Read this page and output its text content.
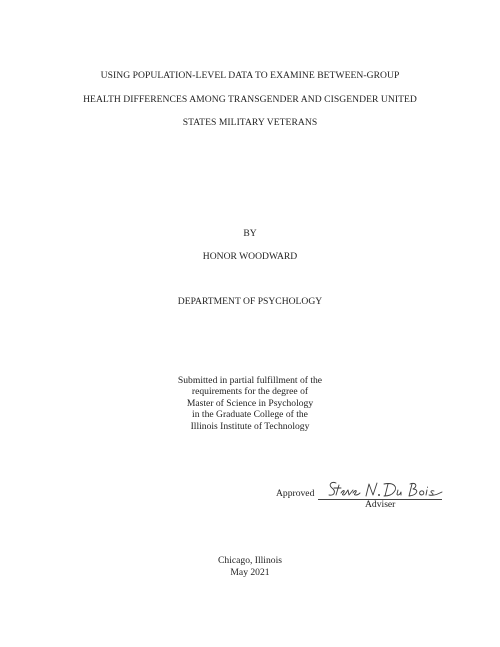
USING POPULATION-LEVEL DATA TO EXAMINE BETWEEN-GROUP
HEALTH DIFFERENCES AMONG TRANSGENDER AND CISGENDER UNITED
STATES MILITARY VETERANS
BY
HONOR WOODWARD
DEPARTMENT OF PSYCHOLOGY
Submitted in partial fulfillment of the
requirements for the degree of
Master of Science in Psychology
in the Graduate College of the
Illinois Institute of Technology
Approved
Adviser
Chicago, Illinois
May 2021
